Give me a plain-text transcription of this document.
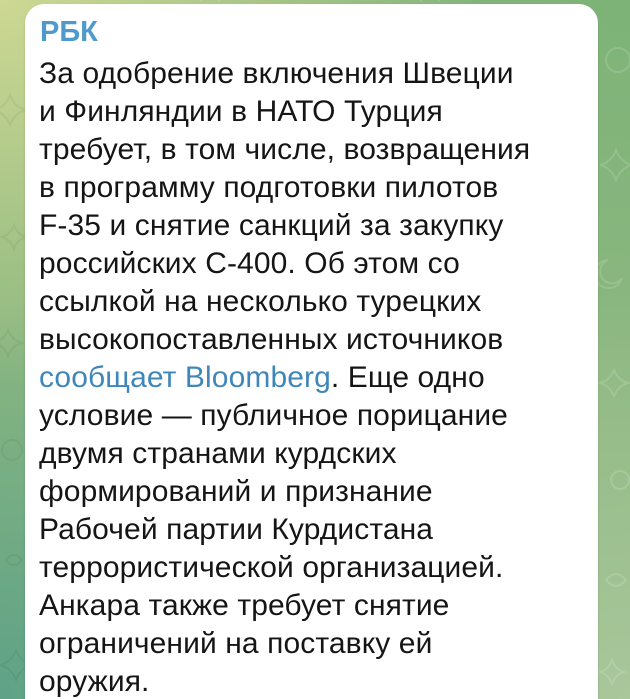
РБК
За одобрение включения Швеции
и Финляндии в НАТО Турция
требует, в том числе, возвращения
в программу подготовки пилотов
F-35 и снятие санкций за закупку
российских С-400. Об этом со
ссылкой на несколько турецких
высокопоставленных источников
сообщает Bloomberg. Еще одно
условие — публичное порицание
двумя странами курдских
формирований и признание
Рабочей партии Курдистана
террористической организацией.
Анкара также требует снятие
ограничений на поставку ей
оружия.
